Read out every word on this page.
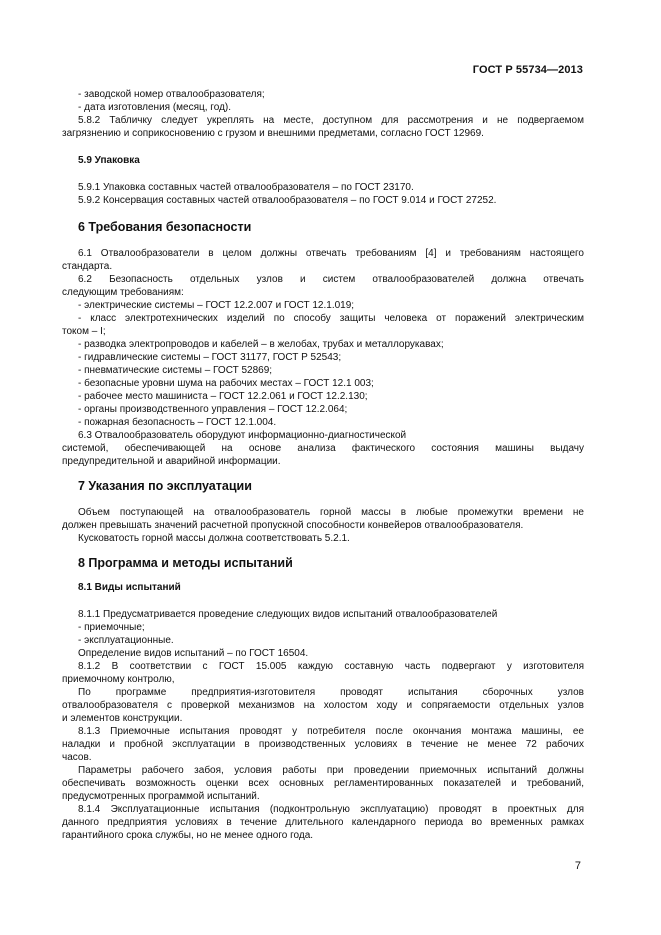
ГОСТ Р 55734—2013
- заводской номер отвалообразователя;
- дата изготовления (месяц, год).
5.8.2 Табличку следует укреплять на месте, доступном для рассмотрения и не подвергаемом
загрязнению и соприкосновению с грузом и внешними предметами, согласно ГОСТ 12969.
5.9 Упаковка
5.9.1 Упаковка составных частей отвалообразователя – по ГОСТ 23170.
5.9.2 Консервация составных частей отвалообразователя – по ГОСТ 9.014 и ГОСТ 27252.
6 Требования безопасности
6.1 Отвалообразователи в целом должны отвечать требованиям [4] и требованиям настоящего
стандарта.
6.2 Безопасность отдельных узлов и систем отвалообразователей должна отвечать
следующим требованиям:
- электрические системы – ГОСТ 12.2.007 и ГОСТ 12.1.019;
- класс электротехнических изделий по способу защиты человека от поражений электрическим
током – I;
- разводка электропроводов и кабелей – в желобах, трубах и металлорукавах;
- гидравлические системы – ГОСТ 31177, ГОСТ Р 52543;
- пневматические системы – ГОСТ 52869;
- безопасные уровни шума на рабочих местах – ГОСТ 12.1 003;
- рабочее место машиниста – ГОСТ 12.2.061 и ГОСТ 12.2.130;
- органы производственного управления – ГОСТ 12.2.064;
- пожарная безопасность – ГОСТ 12.1.004.
6.3 Отвалообразователь оборудуют информационно-диагностической
системой, обеспечивающей на основе анализа фактического состояния машины выдачу
предупредительной и аварийной информации.
7 Указания по эксплуатации
Объем поступающей на отвалообразователь горной массы в любые промежутки времени не
должен превышать значений расчетной пропускной способности конвейеров отвалообразователя.
Кусковатость горной массы должна соответствовать 5.2.1.
8 Программа и методы испытаний
8.1 Виды испытаний
8.1.1 Предусматривается проведение следующих видов испытаний отвалообразователей
- приемочные;
- эксплуатационные.
Определение видов испытаний – по ГОСТ 16504.
8.1.2 В соответствии с ГОСТ 15.005 каждую составную часть подвергают у изготовителя
приемочному контролю,
По программе предприятия-изготовителя проводят испытания сборочных узлов
отвалообразователя с проверкой механизмов на холостом ходу и сопрягаемости отдельных узлов
и элементов конструкции.
8.1.3 Приемочные испытания проводят у потребителя после окончания монтажа машины, ее
наладки и пробной эксплуатации в производственных условиях в течение не менее 72 рабочих
часов.
Параметры рабочего забоя, условия работы при проведении приемочных испытаний должны
обеспечивать возможность оценки всех основных регламентированных показателей и требований,
предусмотренных программой испытаний.
8.1.4 Эксплуатационные испытания (подконтрольную эксплуатацию) проводят в проектных для
данного предприятия условиях в течение длительного календарного периода во временных рамках
гарантийного срока службы, но не менее одного года.
7
